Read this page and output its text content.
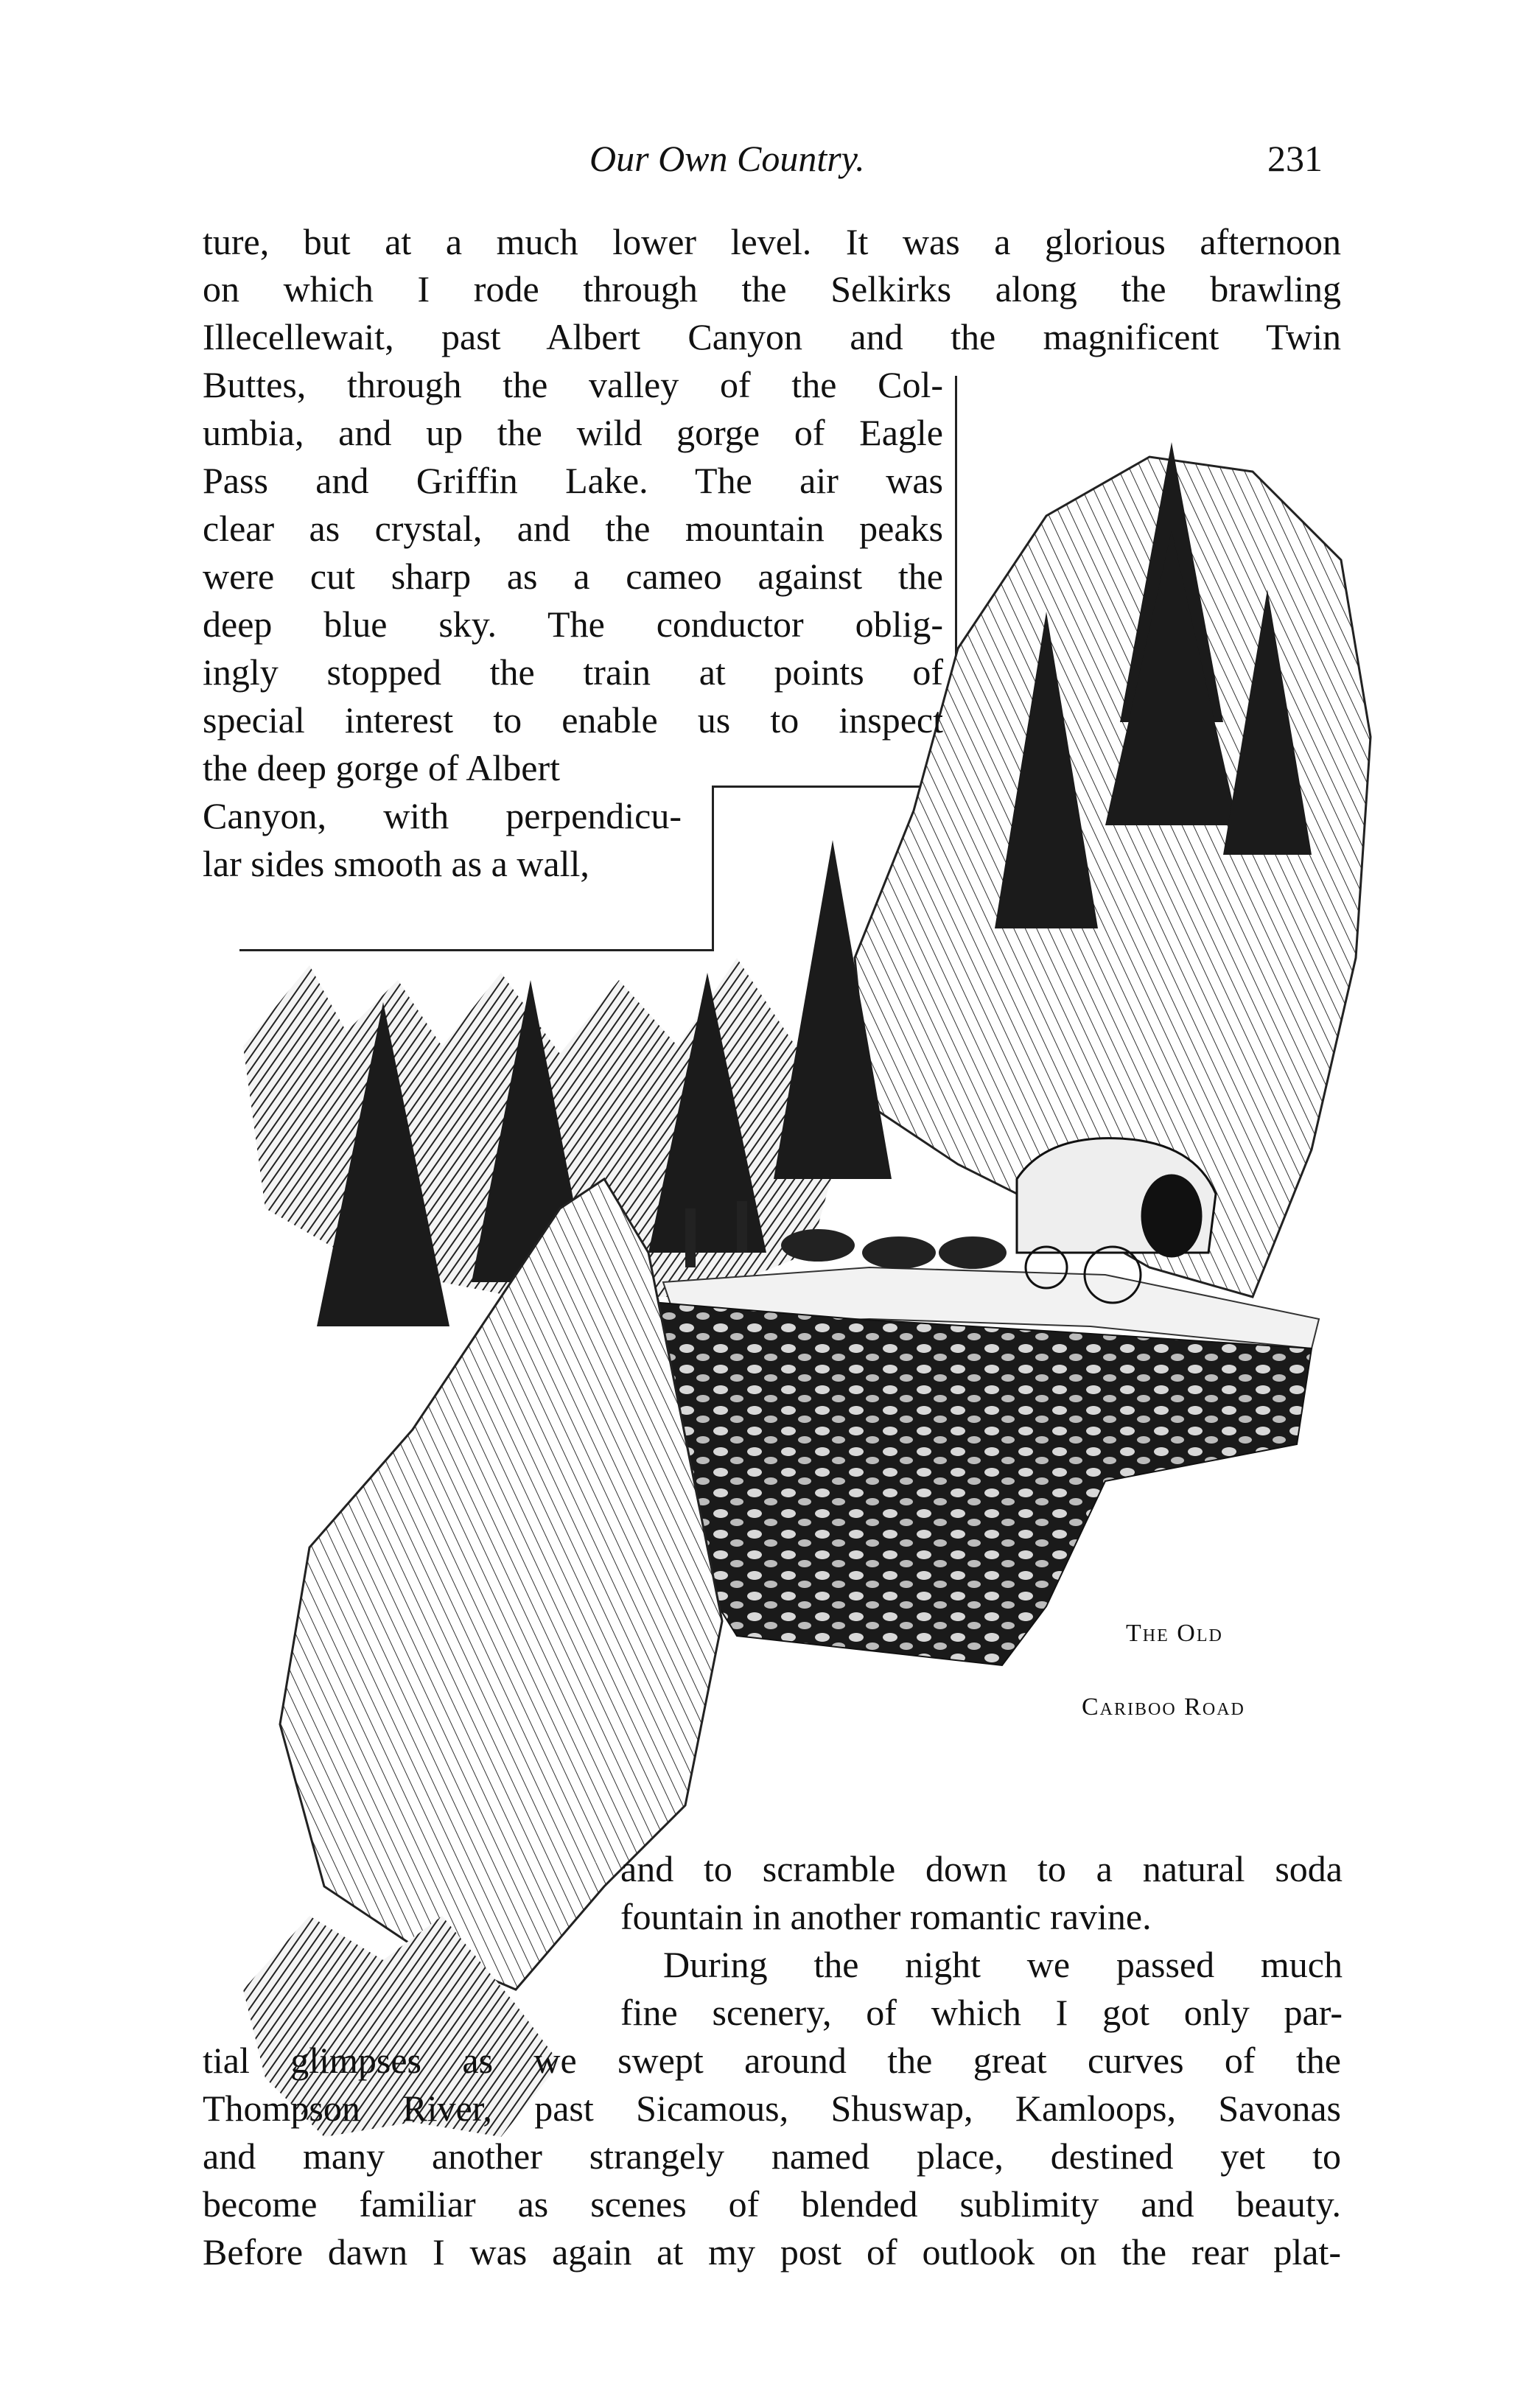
Our Own Country.	231
ture, but at a much lower level. It was a glorious afternoon
on which I rode through the Selkirks along the brawling
Illecellewait, past Albert Canyon and the magnificent Twin
Buttes, through the valley of the Col-
umbia, and up the wild gorge of Eagle
Pass and Griffin Lake. The air was
clear as crystal, and the mountain peaks
were cut sharp as a cameo against the
deep blue sky. The conductor oblig-
ingly stopped the train at points of
special interest to enable us to inspect
the deep gorge of Albert
Canyon, with perpendicu-
lar sides smooth as a wall,
The Old
Cariboo Road
and to scramble down to a natural soda
fountain in another romantic ravine.
During the night we passed much
fine scenery, of which I got only par-
tial glimpses as we swept around the great curves of the
Thompson River, past Sicamous, Shuswap, Kamloops, Savonas
and many another strangely named place, destined yet to
become familiar as scenes of blended sublimity and beauty.
Before dawn I was again at my post of outlook on the rear plat-
